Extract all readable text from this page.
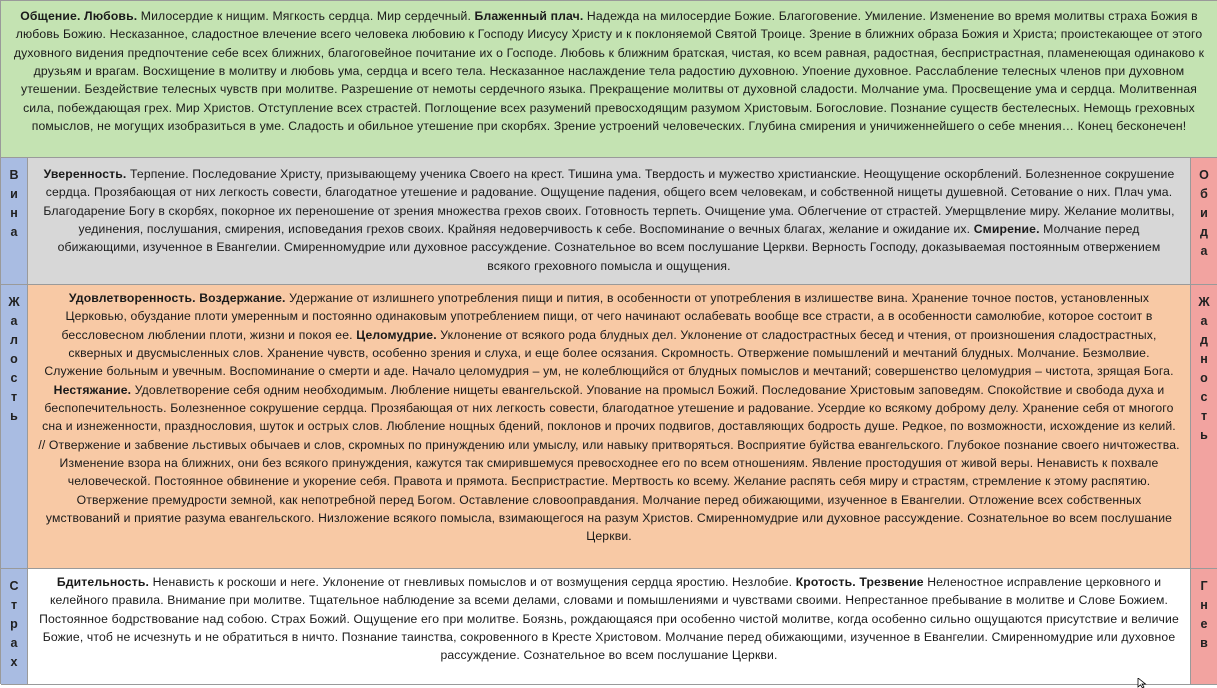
Общение. Любовь. Милосердие к нищим. Мягкость сердца. Мир сердечный. Блаженный плач. Надежда на милосердие Божие. Благоговение. Умиление. Изменение во время молитвы страха Божия в любовь Божию. Несказанное, сладостное влечение всего человека любовию к Господу Иисусу Христу и к поклоняемой Святой Троице. Зрение в ближних образа Божия и Христа; проистекающее от этого духовного видения предпочтение себе всех ближних, благоговейное почитание их о Господе. Любовь к ближним братская, чистая, ко всем равная, радостная, беспристрастная, пламенеющая одинаково к друзьям и врагам. Восхищение в молитву и любовь ума, сердца и всего тела. Несказанное наслаждение тела радостию духовною. Упоение духовное. Расслабление телесных членов при духовном утешении. Бездействие телесных чувств при молитве. Разрешение от немоты сердечного языка. Прекращение молитвы от духовной сладости. Молчание ума. Просвещение ума и сердца. Молитвенная сила, побеждающая грех. Мир Христов. Отступление всех страстей. Поглощение всех разумений превосходящим разумом Христовым. Богословие. Познание существ бестелесных. Немощь греховных помыслов, не могущих изобразиться в уме. Сладость и обильное утешение при скорбях. Зрение устроений человеческих. Глубина смирения и уничиженнейшего о себе мнения… Конец бесконечен!
В
и
н
а
Уверенность. Терпение. Последование Христу, призывающему ученика Своего на крест. Тишина ума. Твердость и мужество христианские. Неощущение оскорблений. Болезненное сокрушение сердца. Прозябающая от них легкость совести, благодатное утешение и радование. Ощущение падения, общего всем человекам, и собственной нищеты душевной. Сетование о них. Плач ума. Благодарение Богу в скорбях, покорное их переношение от зрения множества грехов своих. Готовность терпеть. Очищение ума. Облегчение от страстей. Умерщвление миру. Желание молитвы, уединения, послушания, смирения, исповедания грехов своих. Крайняя недоверчивость к себе. Воспоминание о вечных благах, желание и ожидание их. Смирение. Молчание перед обижающими, изученное в Евангелии. Смиренномудрие или духовное рассуждение. Сознательное во всем послушание Церкви. Верность Господу, доказываемая постоянным отвержением всякого греховного помысла и ощущения.
О
б
и
д
а
Ж
а
л
о
с
т
ь
Удовлетворенность. Воздержание. Удержание от излишнего употребления пищи и пития, в особенности от употребления в излишестве вина. Хранение точное постов, установленных Церковью, обуздание плоти умеренным и постоянно одинаковым употреблением пищи, от чего начинают ослабевать вообще все страсти, а в особенности самолюбие, которое состоит в бессловесном люблении плоти, жизни и покоя ее. Целомудрие. Уклонение от всякого рода блудных дел. Уклонение от сладострастных бесед и чтения, от произношения сладострастных, скверных и двусмысленных слов. Хранение чувств, особенно зрения и слуха, и еще более осязания. Скромность. Отвержение помышлений и мечтаний блудных. Молчание. Безмолвие. Служение больным и увечным. Воспоминание о смерти и аде. Начало целомудрия – ум, не колеблющийся от блудных помыслов и мечтаний; совершенство целомудрия – чистота, зрящая Бога. Нестяжание. Удовлетворение себя одним необходимым. Любление нищеты евангельской. Упование на промысл Божий. Последование Христовым заповедям. Спокойствие и свобода духа и беспопечительность. Болезненное сокрушение сердца. Прозябающая от них легкость совести, благодатное утешение и радование. Усердие ко всякому доброму делу. Хранение себя от многого сна и изнеженности, празднословия, шуток и острых слов. Любление нощных бдений, поклонов и прочих подвигов, доставляющих бодрость душе. Редкое, по возможности, исхождение из келий. // Отвержение и забвение льстивых обычаев и слов, скромных по принуждению или умыслу, или навыку притворяться. Восприятие буйства евангельского. Глубокое познание своего ничтожества. Изменение взора на ближних, они без всякого принуждения, кажутся так смирившемуся превосходнее его по всем отношениям. Явление простодушия от живой веры. Ненависть к похвале человеческой. Постоянное обвинение и укорение себя. Правота и прямота. Беспристрастие. Мертвость ко всему. Желание распять себя миру и страстям, стремление к этому распятию. Отвержение премудрости земной, как непотребной перед Богом. Оставление словооправдания. Молчание перед обижающими, изученное в Евангелии. Отложение всех собственных умствований и приятие разума евангельского. Низложение всякого помысла, взимающегося на разум Христов. Смиренномудрие или духовное рассуждение. Сознательное во всем послушание Церкви.
Ж
а
д
н
о
с
т
ь
С
т
р
а
х
Бдительность. Ненависть к роскоши и неге. Уклонение от гневливых помыслов и от возмущения сердца яростию. Незлобие. Кротость. Трезвение Неленостное исправление церковного и келейного правила. Внимание при молитве. Тщательное наблюдение за всеми делами, словами и помышлениями и чувствами своими. Непрестанное пребывание в молитве и Слове Божием. Постоянное бодрствование над собою. Страх Божий. Ощущение его при молитве. Боязнь, рождающаяся при особенно чистой молитве, когда особенно сильно ощущаются присутствие и величие Божие, чтоб не исчезнуть и не обратиться в ничто. Познание таинства, сокровенного в Кресте Христовом. Молчание перед обижающими, изученное в Евангелии. Смиренномудрие или духовное рассуждение. Сознательное во всем послушание Церкви.
Г
н
е
в
